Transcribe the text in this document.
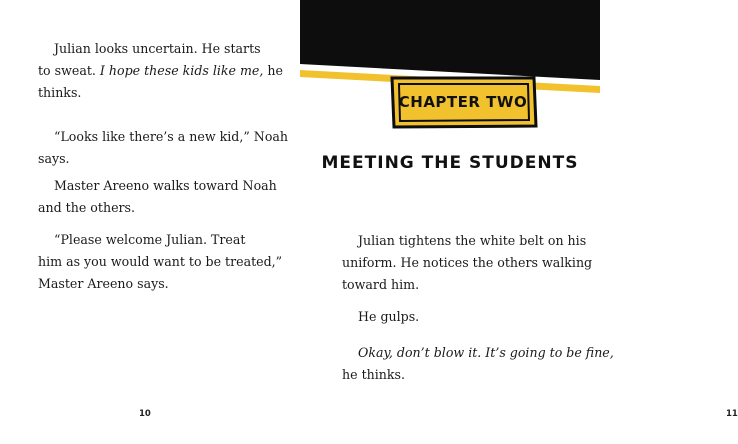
Julian looks uncertain. He starts
to sweat. I hope these kids like me, he
thinks.
“Looks like there’s a new kid,” Noah
says.
Master Areeno walks toward Noah
and the others.
“Please welcome Julian. Treat
him as you would want to be treated,”
Master Areeno says.
10
CHAPTER TWO
MEETING THE STUDENTS
Julian tightens the white belt on his
uniform. He notices the others walking
toward him.
He gulps.
Okay, don’t blow it. It’s going to be fine,
he thinks.
11
